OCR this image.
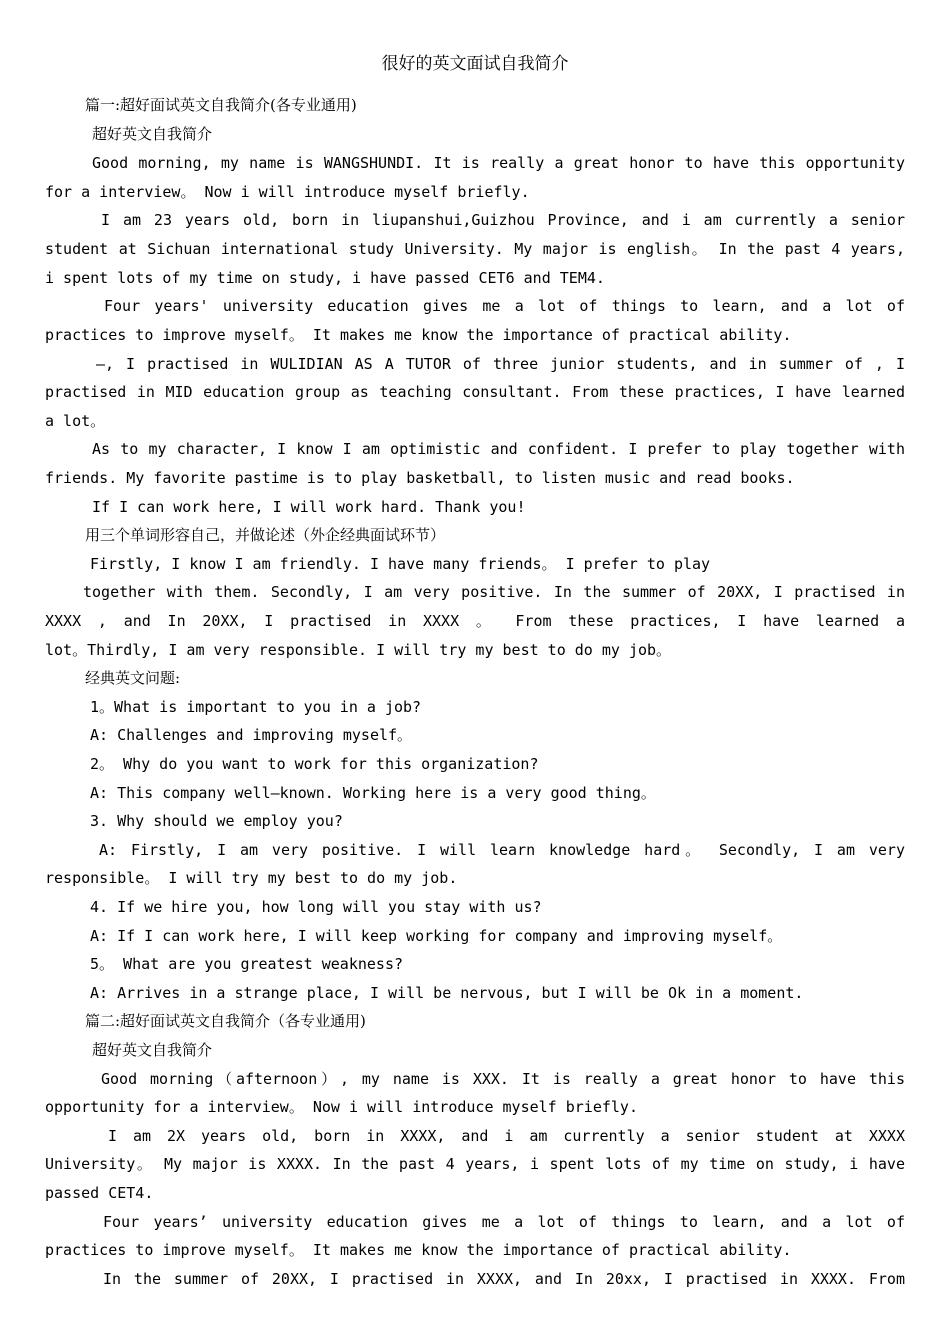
很好的英文面试自我简介
篇一:超好面试英文自我简介(各专业通用)
超好英文自我简介
Good morning, my name is WANGSHUNDI. It is really a great honor to have this opportunity
for a interview。 Now i will introduce myself briefly.
I am 23 years old, born in liupanshui,Guizhou Province, and i am currently a senior
student at Sichuan international study University. My major is english。 In the past 4 years,
i spent lots of my time on study, i have passed CET6 and TEM4.
Four years' university education gives me a lot of things to learn, and a lot of
practices to improve myself。 It makes me know the importance of practical ability.
–, I practised in WULIDIAN AS A TUTOR of three junior students, and in summer of , I
practised in MID education group as teaching consultant. From these practices, I have learned
a lot。
As to my character, I know I am optimistic and confident. I prefer to play together with
friends. My favorite pastime is to play basketball, to listen music and read books.
If I can work here, I will work hard. Thank you!
用三个单词形容自己，并做论述（外企经典面试环节）
Firstly, I know I am friendly. I have many friends。 I prefer to play
together with them. Secondly, I am very positive. In the summer of 20XX, I practised in
XXXX , and In 20XX, I practised in XXXX 。 From these practices, I have learned a
lot。Thirdly, I am very responsible. I will try my best to do my job。
经典英文问题:
1。What is important to you in a job?
A: Challenges and improving myself。
2。 Why do you want to work for this organization?
A: This company well—known. Working here is a very good thing。
3. Why should we employ you?
A: Firstly, I am very positive. I will learn knowledge hard。 Secondly, I am very
responsible。 I will try my best to do my job.
4. If we hire you, how long will you stay with us?
A: If I can work here, I will keep working for company and improving myself。
5。 What are you greatest weakness?
A: Arrives in a strange place, I will be nervous, but I will be Ok in a moment.
篇二:超好面试英文自我简介（各专业通用)
超好英文自我简介
Good morning（afternoon）, my name is XXX. It is really a great honor to have this
opportunity for a interview。 Now i will introduce myself briefly.
I am 2X years old, born in XXXX, and i am currently a senior student at XXXX
University。 My major is XXXX. In the past 4 years, i spent lots of my time on study, i have
passed CET4.
Four years’ university education gives me a lot of things to learn, and a lot of
practices to improve myself。 It makes me know the importance of practical ability.
In the summer of 20XX, I practised in XXXX, and In 20xx, I practised in XXXX. From
